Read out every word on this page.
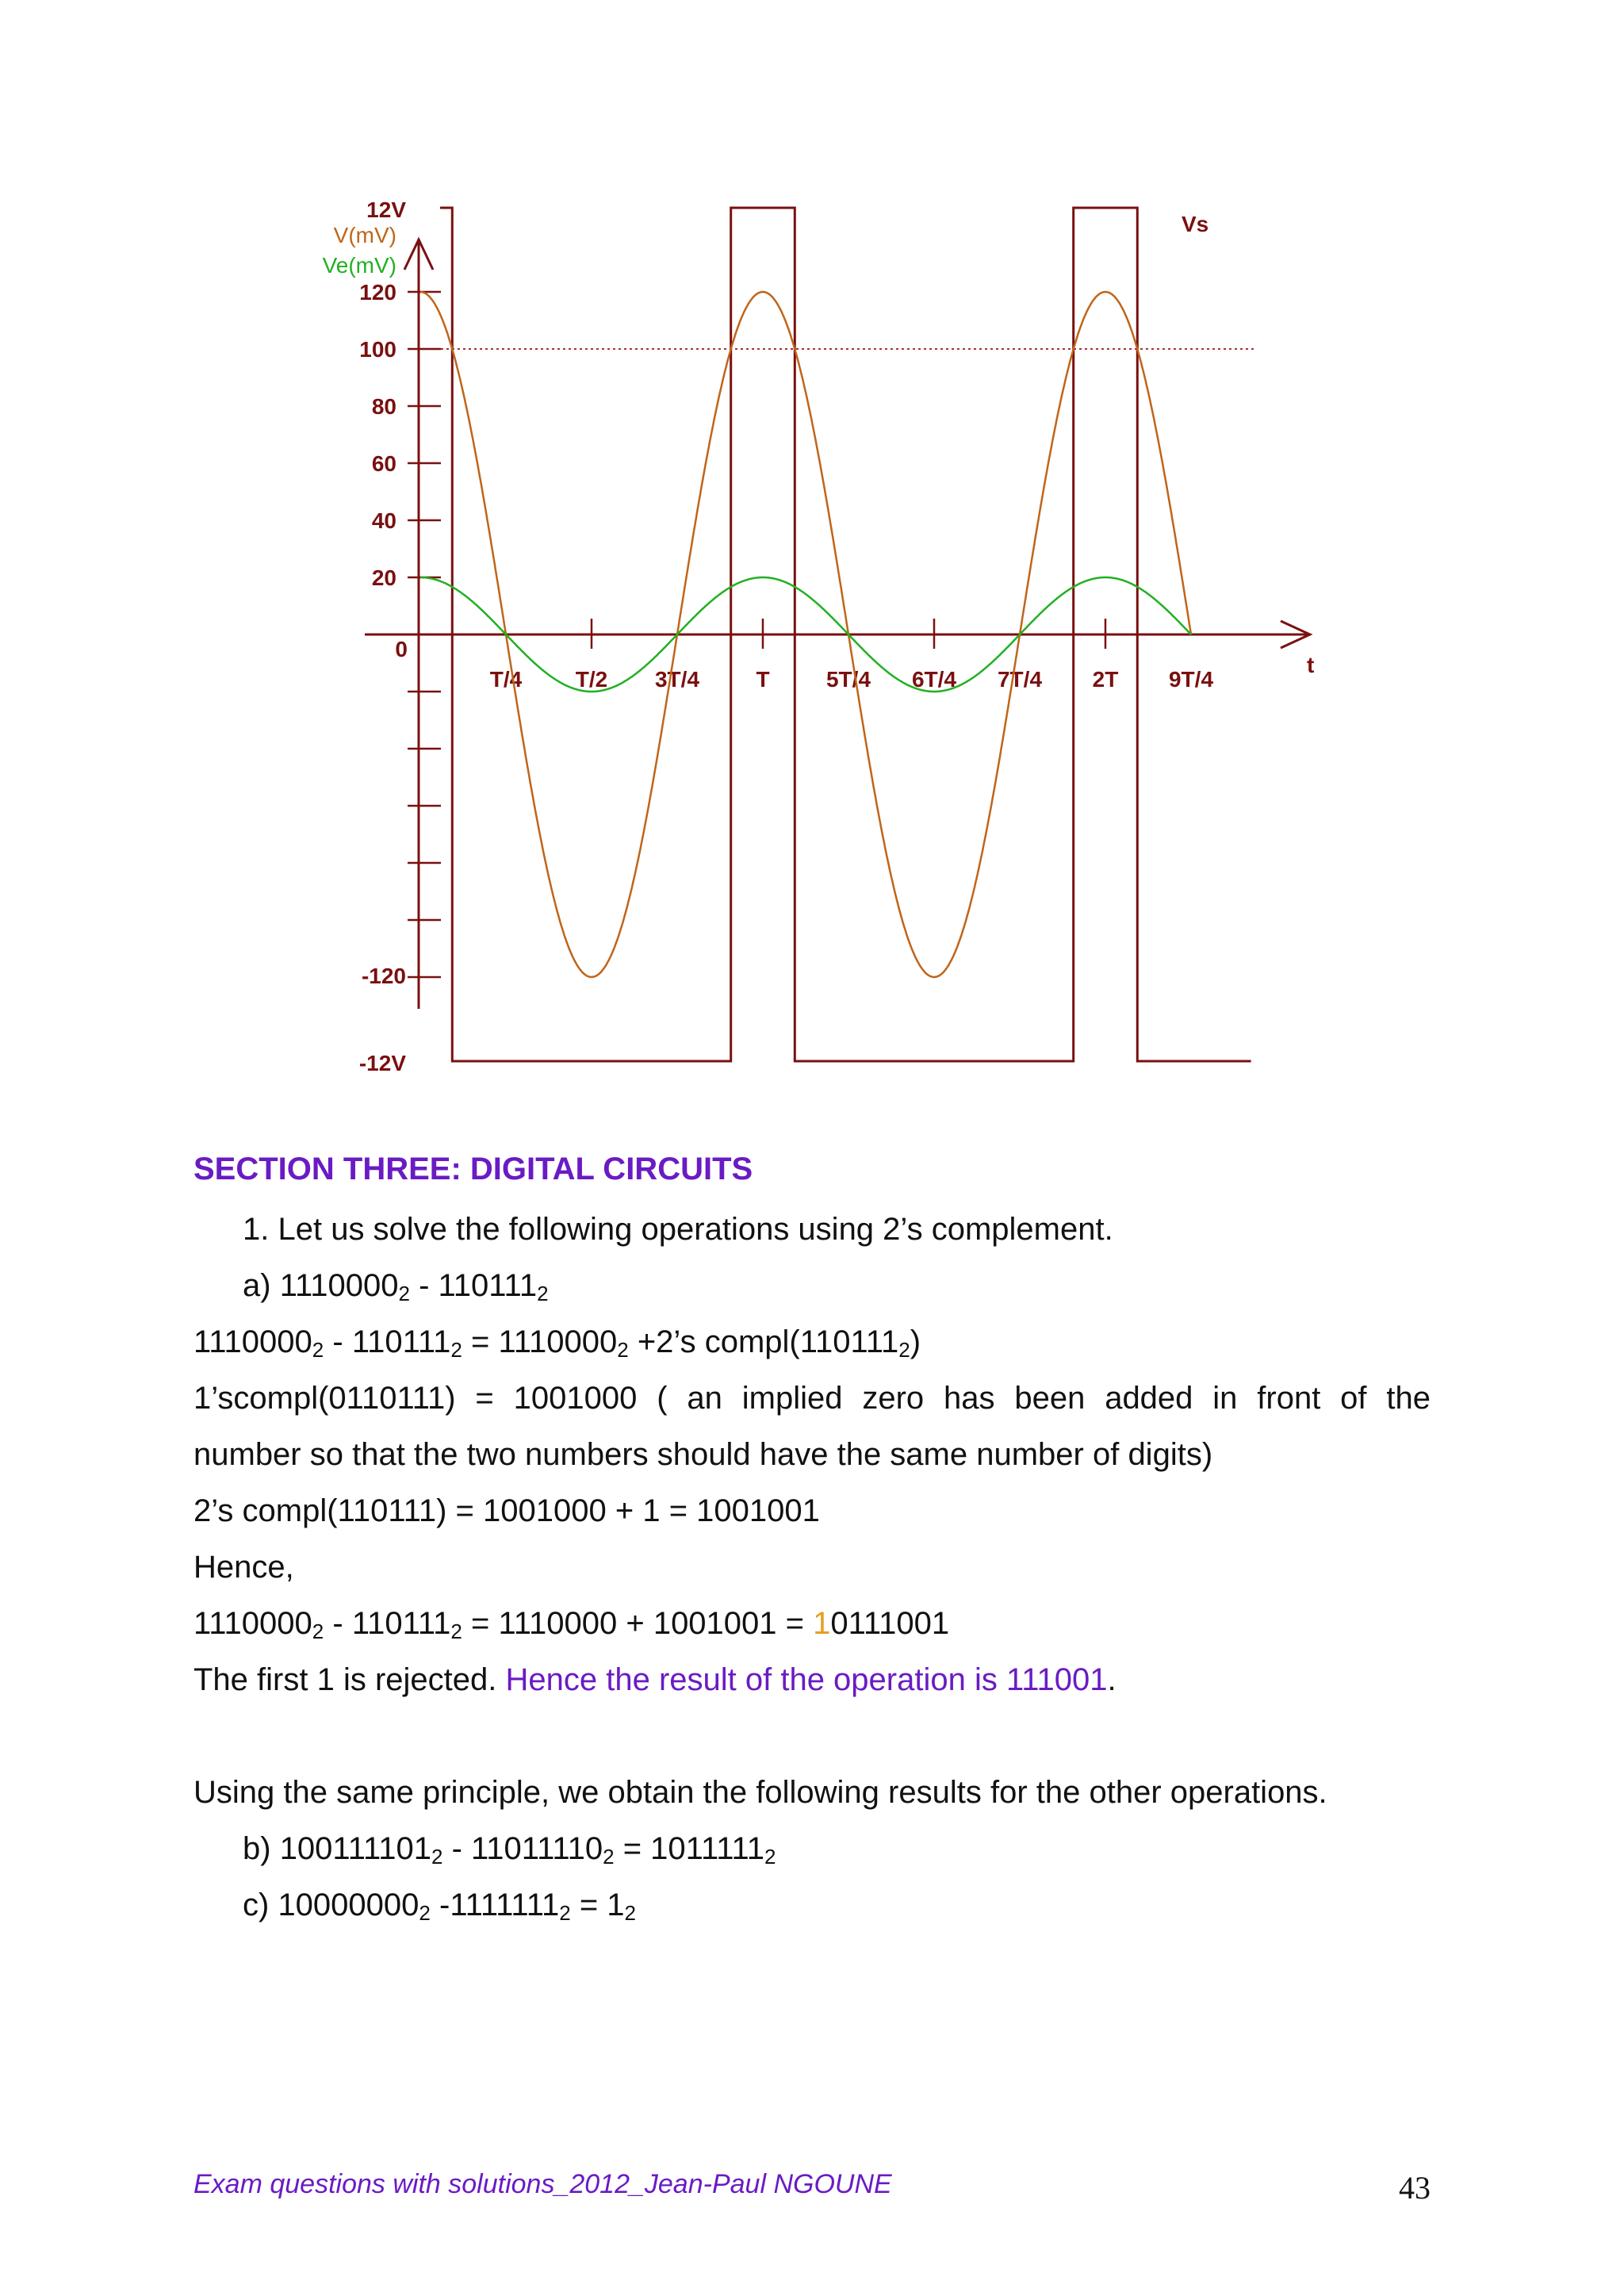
120
100
80
60
40
20
T/4 T/2 3T/4	T	5T/4 6T/4 7T/4 2T 9T/4
12V
V(mV)
Ve(mV)
Vs
0
-120
-12V
t
SECTION THREE: DIGITAL CIRCUITS
1. Let us solve the following operations using 2’s complement.
a) $1110000_2 - 110111_2$
$1110000_2 - 110111_2 = 1110000_2$ +2’s $compl(110111_2)$
1’scompl(0110111) = 1001000 ( an implied zero has been added in front of the
number so that the two numbers should have the same number of digits)
2’s compl(110111) = 1001000 + 1 = 1001001
Hence,
$1110000_2 - 110111_2 = 1110000 + 1001001 = 10111001$
The first 1 is rejected. Hence the result of the operation is 111001.
Using the same principle, we obtain the following results for the other operations.
b) $100111101_2 - 11011110_2 = 1011111_2$
c) $10000000_2$ $-1111111_2 = 1_2$
Exam questions with solutions_2012_Jean-Paul NGOUNE	43
